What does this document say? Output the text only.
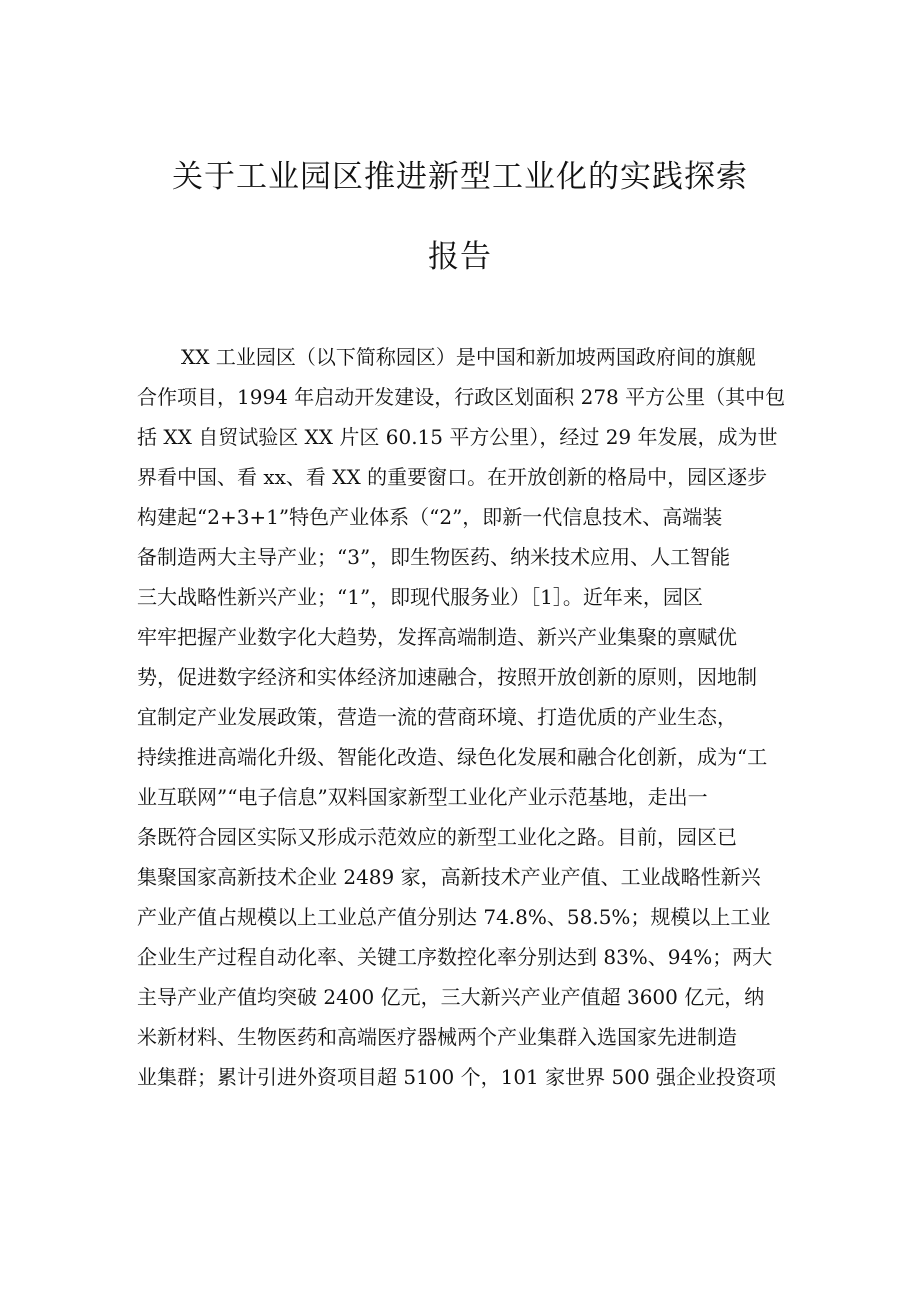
关于工业园区推进新型工业化的实践探索
报告
XX 工业园区（以下简称园区）是中国和新加坡两国政府间的旗舰
合作项目，1994 年启动开发建设，行政区划面积 278 平方公里（其中包
括 XX 自贸试验区 XX 片区 60.15 平方公里），经过 29 年发展，成为世
界看中国、看 xx、看 XX 的重要窗口。在开放创新的格局中，园区逐步
构建起“2+3+1”特色产业体系（“2”，即新一代信息技术、高端装
备制造两大主导产业；“3”，即生物医药、纳米技术应用、人工智能
三大战略性新兴产业；“1”，即现代服务业）［1］。近年来，园区
牢牢把握产业数字化大趋势，发挥高端制造、新兴产业集聚的禀赋优
势，促进数字经济和实体经济加速融合，按照开放创新的原则，因地制
宜制定产业发展政策，营造一流的营商环境、打造优质的产业生态，
持续推进高端化升级、智能化改造、绿色化发展和融合化创新，成为“工
业互联网”“电子信息”双料国家新型工业化产业示范基地，走出一
条既符合园区实际又形成示范效应的新型工业化之路。目前，园区已
集聚国家高新技术企业 2489 家，高新技术产业产值、工业战略性新兴
产业产值占规模以上工业总产值分别达 74.8%、58.5%；规模以上工业
企业生产过程自动化率、关键工序数控化率分别达到 83%、94%；两大
主导产业产值均突破 2400 亿元，三大新兴产业产值超 3600 亿元，纳
米新材料、生物医药和高端医疗器械两个产业集群入选国家先进制造
业集群；累计引进外资项目超 5100 个，101 家世界 500 强企业投资项
